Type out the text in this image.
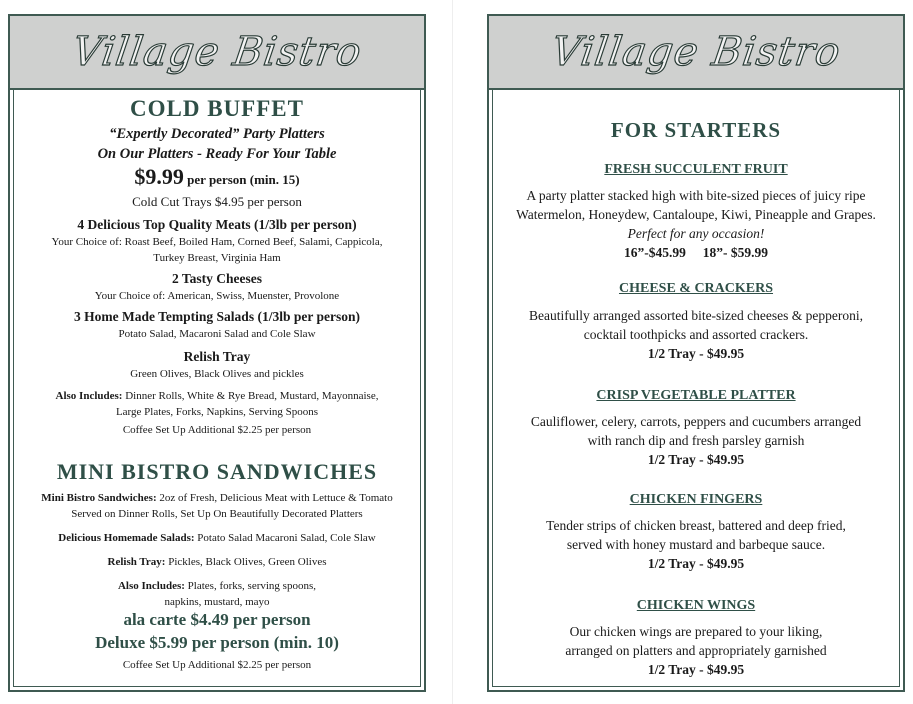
Village Bistro
COLD BUFFET
“Expertly Decorated” Party Platters
On Our Platters - Ready For Your Table
$9.99 per person (min. 15)
Cold Cut Trays $4.95 per person
4 Delicious Top Quality Meats (1/3lb per person)
Your Choice of: Roast Beef, Boiled Ham, Corned Beef, Salami, Cappicola,
Turkey Breast, Virginia Ham
2 Tasty Cheeses
Your Choice of: American, Swiss, Muenster, Provolone
3 Home Made Tempting Salads (1/3lb per person)
Potato Salad, Macaroni Salad and Cole Slaw
Relish Tray
Green Olives, Black Olives and pickles
Also Includes: Dinner Rolls, White & Rye Bread, Mustard, Mayonnaise,
Large Plates, Forks, Napkins, Serving Spoons
Coffee Set Up Additional $2.25 per person
MINI BISTRO SANDWICHES
Mini Bistro Sandwiches: 2oz of Fresh, Delicious Meat with Lettuce & Tomato
Served on Dinner Rolls, Set Up On Beautifully Decorated Platters
Delicious Homemade Salads: Potato Salad Macaroni Salad, Cole Slaw
Relish Tray: Pickles, Black Olives, Green Olives
Also Includes: Plates, forks, serving spoons,
napkins, mustard, mayo
ala carte $4.49 per person
Deluxe $5.99 per person (min. 10)
Coffee Set Up Additional $2.25 per person
Village Bistro
FOR STARTERS
FRESH SUCCULENT FRUIT
A party platter stacked high with bite-sized pieces of juicy ripe
Watermelon, Honeydew, Cantaloupe, Kiwi, Pineapple and Grapes.
Perfect for any occasion!
16”-$45.99     18”- $59.99
CHEESE & CRACKERS
Beautifully arranged assorted bite-sized cheeses & pepperoni,
cocktail toothpicks and assorted crackers.
1/2 Tray - $49.95
CRISP VEGETABLE PLATTER
Cauliflower, celery, carrots, peppers and cucumbers arranged
with ranch dip and fresh parsley garnish
1/2 Tray - $49.95
CHICKEN FINGERS
Tender strips of chicken breast, battered and deep fried,
served with honey mustard and barbeque sauce.
1/2 Tray - $49.95
CHICKEN WINGS
Our chicken wings are prepared to your liking,
arranged on platters and appropriately garnished
1/2 Tray - $49.95
